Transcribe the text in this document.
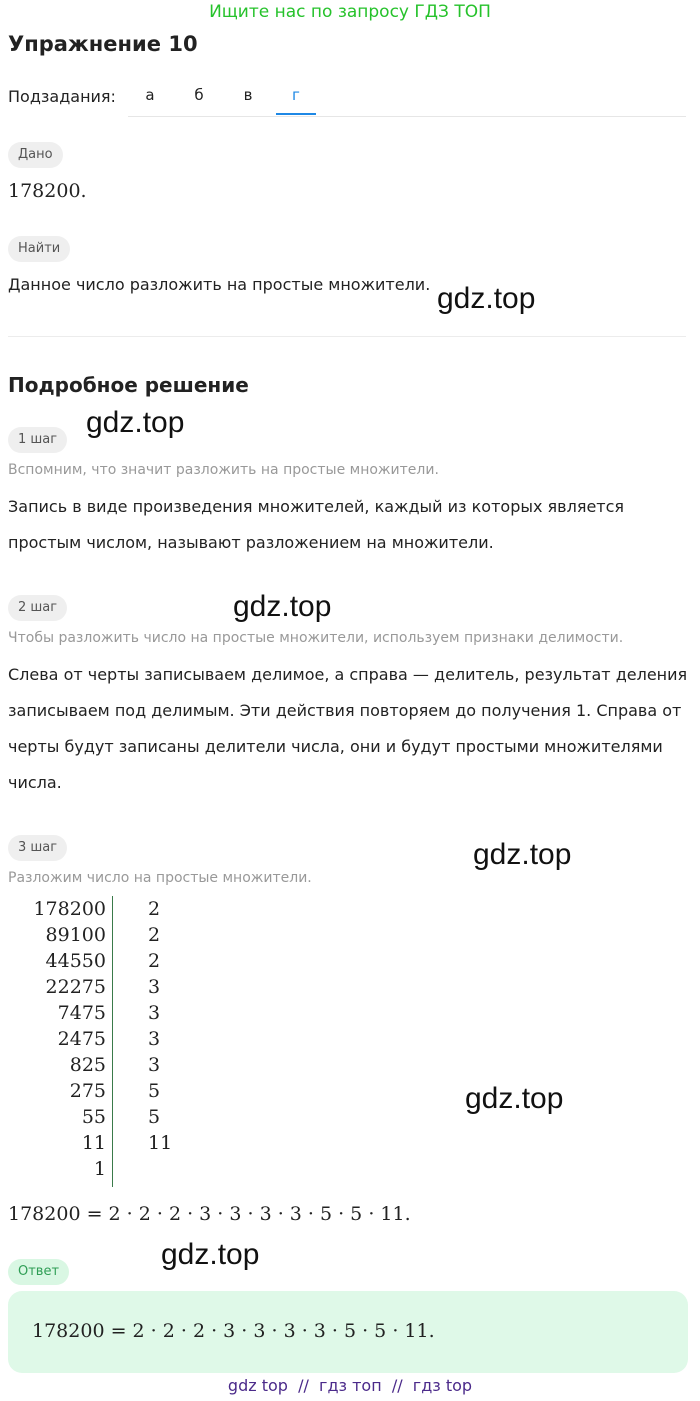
Ищите нас по запросу ГДЗ ТОП
Упражнение 10
Подзадания:	а	б	в	г
Дано
178200.
Найти
Данное число разложить на простые множители. gdz.top
Подробное решение
gdz.top
1 шаг
Вспомним, что значит разложить на простые множители.
Запись в виде произведения множителей, каждый из которых является
простым числом, называют разложением на множители.
2 шаг	gdz.top
Чтобы разложить число на простые множители, используем признаки делимости.
Слева от черты записываем делимое, а справа — делитель, результат деления
записываем под делимым. Эти действия повторяем до получения 1. Справа от
черты будут записаны делители числа, они и будут простыми множителями
числа.
3 шаг	gdz.top
Разложим число на простые множители.
178200 2
89100 2
44550 2
22275 3
7475 3
2475 3
825 3
275 5
55 5
11 11
1
gdz.top
178200 = 2 · 2 · 2 · 3 · 3 · 3 · 3 · 5 · 5 · 11.
gdz.top
Ответ
178200 = 2 · 2 · 2 · 3 · 3 · 3 · 3 · 5 · 5 · 11.
gdz top  //  гдз топ  //  гдз top
